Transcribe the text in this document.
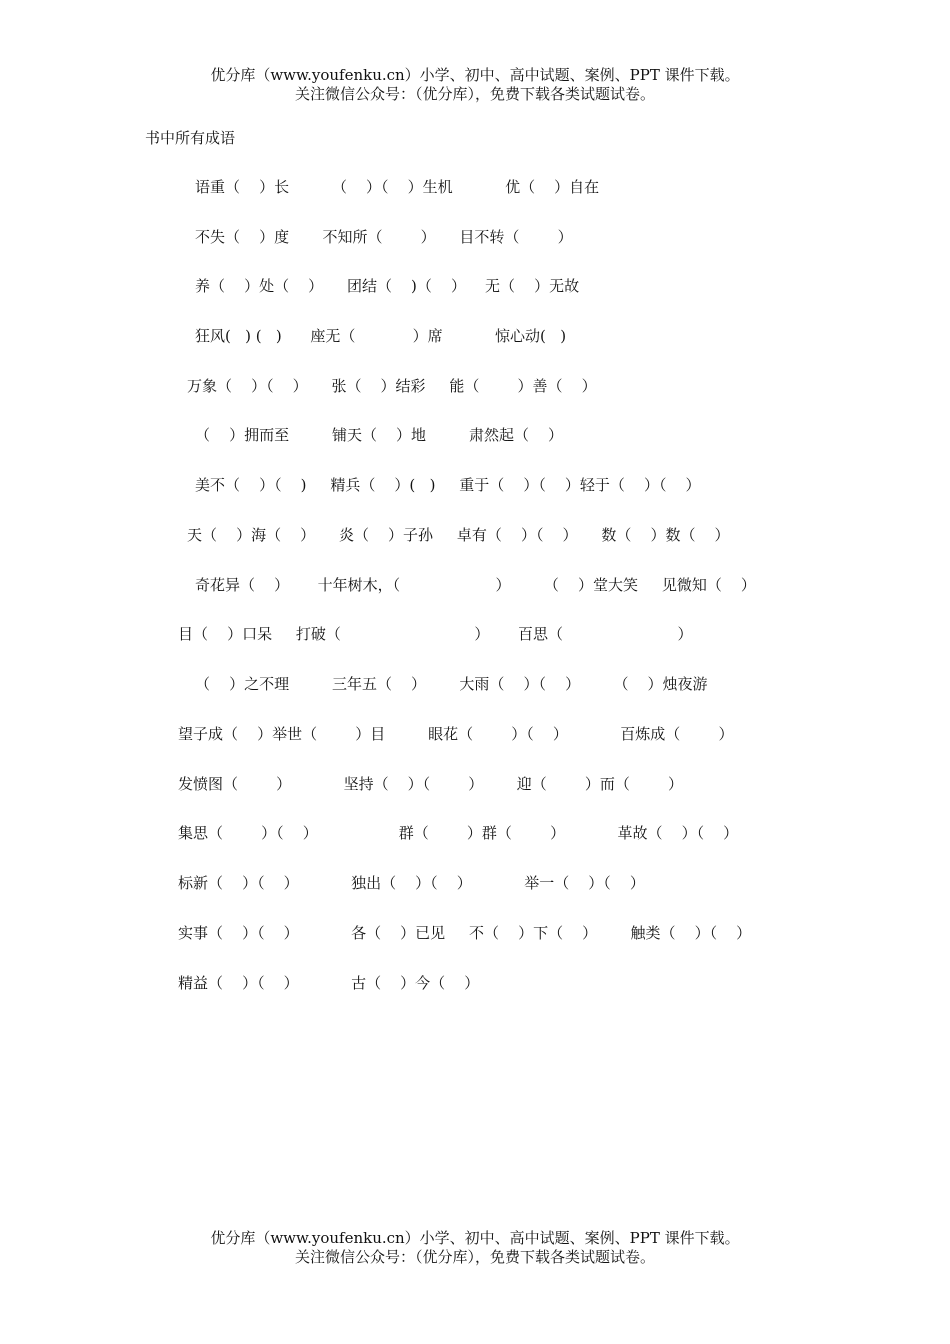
优分库（www.youfenku.cn）小学、初中、高中试题、案例、PPT 课件下载。
关注微信公众号：（优分库），免费下载各类试题试卷。
书中所有成语
语重（    ）长         （    ）（    ）生机           优（    ）自在
不失（    ）度       不知所（        ）     目不转（        ）
养（    ）处（    ）     团结（    )（    ）    无（    ）无故
狂风(   ) (   )      座无（            ）席           惊心动(   )
万象（    ）（    ）     张（    ）结彩     能（        ）善（    ）
（    ）拥而至         铺天（    ）地         肃然起（    ）
美不（    ）（    )     精兵（    ）(   )     重于（    ）（    ）轻于（    ）（    ）
天（    ）海（    ）     炎（    ）子孙     卓有（    ）（    ）     数（    ）数（    ）
奇花异（    ）      十年树木，（                    ）       （    ）堂大笑     见微知（    ）
目（    ）口呆     打破（                            ）      百思（                        ）
（    ）之不理         三年五（    ）       大雨（    ）（    ）       （    ）烛夜游
望子成（    ）举世（        ）目         眼花（        ）（    ）           百炼成（        ）
发愤图（        ）           坚持（    ）（        ）       迎（        ）而（        ）
集思（        ）（    ）                 群（        ）群（        ）           革故（    ）（    ）
标新（    ）（    ）           独出（    ）（    ）           举一（    ）（    ）
实事（    ）（    ）           各（    ）已见     不（    ）下（    ）       触类（    ）（    ）
精益（    ）（    ）           古（    ）今（    ）
优分库（www.youfenku.cn）小学、初中、高中试题、案例、PPT 课件下载。
关注微信公众号：（优分库），免费下载各类试题试卷。
